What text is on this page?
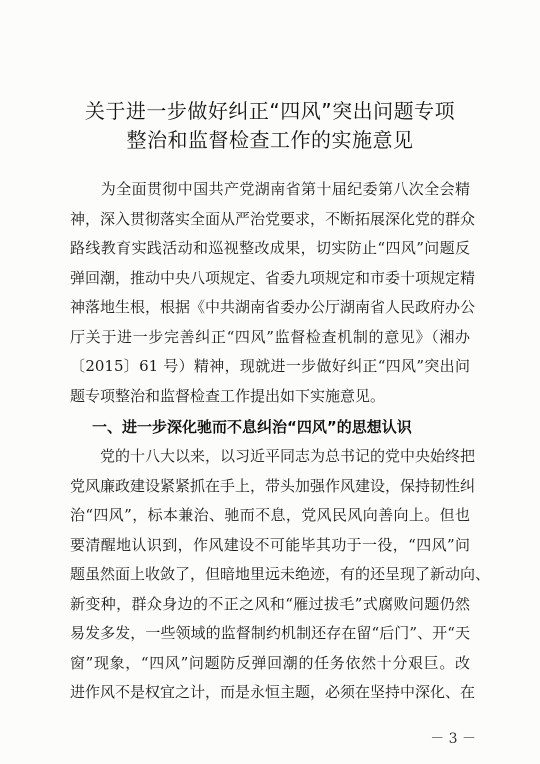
关于进一步做好纠正“四风”突出问题专项
整治和监督检查工作的实施意见
　　为全面贯彻中国共产党湖南省第十届纪委第八次全会精
神，深入贯彻落实全面从严治党要求，不断拓展深化党的群众
路线教育实践活动和巡视整改成果，切实防止“四风”问题反
弹回潮，推动中央八项规定、省委九项规定和市委十项规定精
神落地生根，根据《中共湖南省委办公厅湖南省人民政府办公
厅关于进一步完善纠正“四风”监督检查机制的意见》（湘办
〔2015〕61 号）精神，现就进一步做好纠正“四风”突出问
题专项整治和监督检查工作提出如下实施意见。
一、进一步深化驰而不息纠治“四风”的思想认识
　　党的十八大以来，以习近平同志为总书记的党中央始终把
党风廉政建设紧紧抓在手上，带头加强作风建设，保持韧性纠
治“四风”，标本兼治、驰而不息，党风民风向善向上。但也
要清醒地认识到，作风建设不可能毕其功于一役，“四风”问
题虽然面上收敛了，但暗地里远未绝迹，有的还呈现了新动向、
新变种，群众身边的不正之风和“雁过拔毛”式腐败问题仍然
易发多发，一些领域的监督制约机制还存在留“后门”、开“天
窗”现象，“四风”问题防反弹回潮的任务依然十分艰巨。改
进作风不是权宜之计，而是永恒主题，必须在坚持中深化、在
－ 3 －
